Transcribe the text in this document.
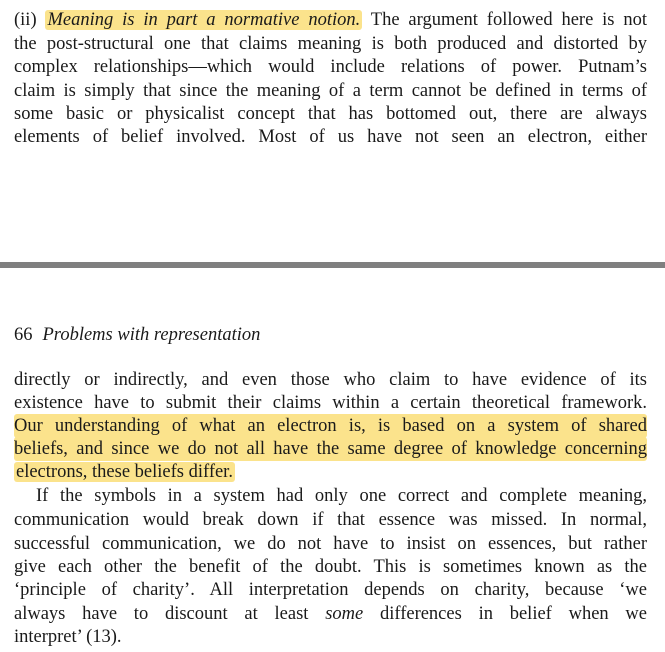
(ii) Meaning is in part a normative notion. The argument followed here is not
the post-structural one that claims meaning is both produced and distorted by
complex relationships—which would include relations of power. Putnam’s
claim is simply that since the meaning of a term cannot be defined in terms of
some basic or physicalist concept that has bottomed out, there are always
elements of belief involved. Most of us have not seen an electron, either
66 Problems with representation
directly or indirectly, and even those who claim to have evidence of its
existence have to submit their claims within a certain theoretical framework.
Our understanding of what an electron is, is based on a system of shared
beliefs, and since we do not all have the same degree of knowledge concerning
electrons, these beliefs differ.
If the symbols in a system had only one correct and complete meaning,
communication would break down if that essence was missed. In normal,
successful communication, we do not have to insist on essences, but rather
give each other the benefit of the doubt. This is sometimes known as the
‘principle of charity’. All interpretation depends on charity, because ‘we
always have to discount at least some differences in belief when we
interpret’ (13).
